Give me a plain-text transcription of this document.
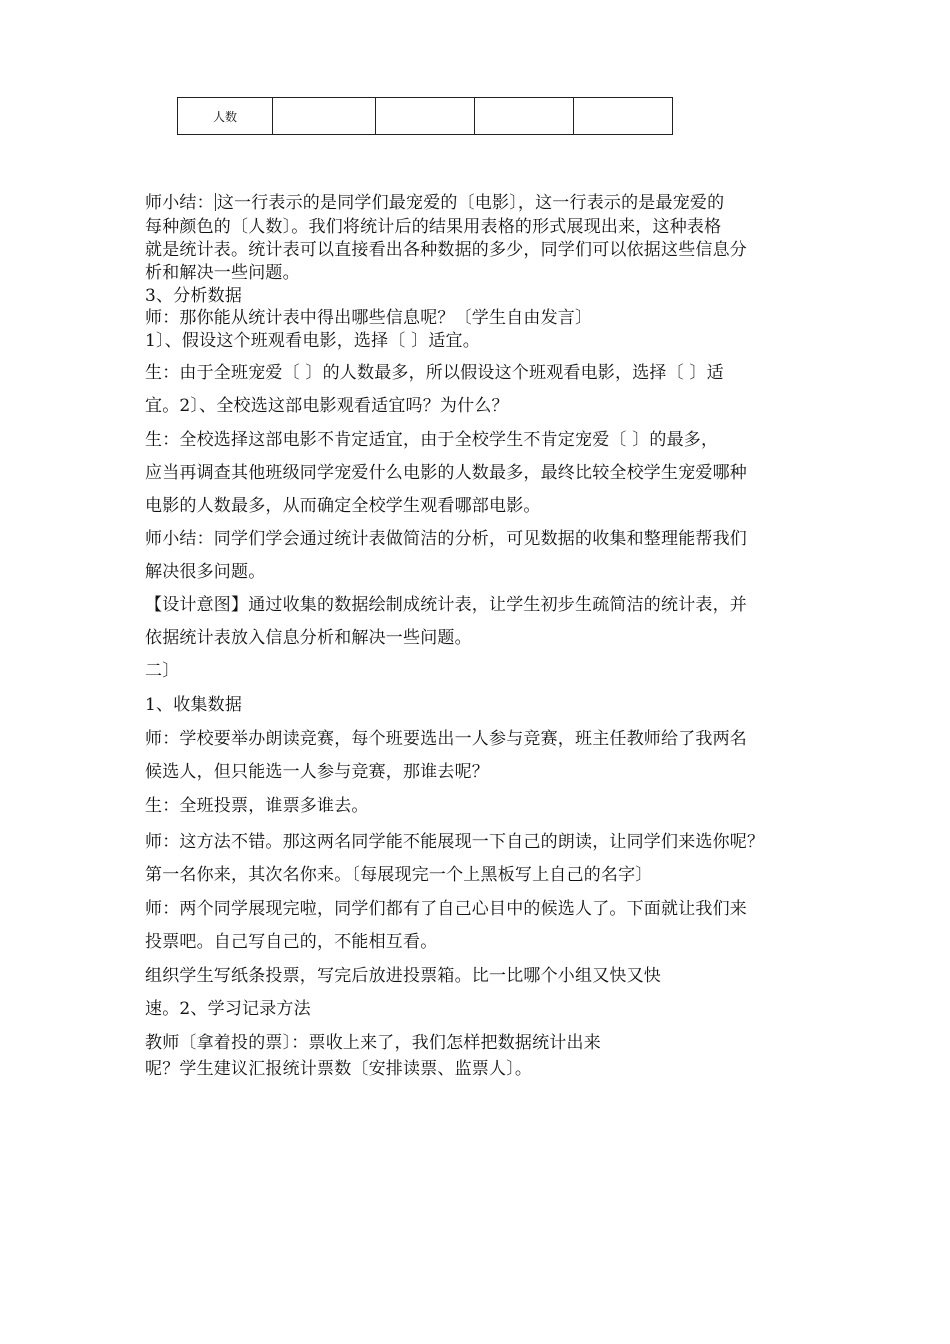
人数				
师小结： 这一行表示的是同学们最宠爱的〔电影〕，这一行表示的是最宠爱的
每种颜色的〔人数〕。我们将统计后的结果用表格的形式展现出来，这种表格
就是统计表。统计表可以直接看出各种数据的多少，同学们可以依据这些信息分
析和解决一些问题。
3、分析数据
师：那你能从统计表中得出哪些信息呢？〔学生自由发言〕
1〕、假设这个班观看电影，选择〔 〕适宜。
生：由于全班宠爱〔 〕的人数最多，所以假设这个班观看电影，选择〔 〕适
宜。2〕、全校选这部电影观看适宜吗？为什么？
生：全校选择这部电影不肯定适宜，由于全校学生不肯定宠爱〔 〕的最多，
应当再调查其他班级同学宠爱什么电影的人数最多，最终比较全校学生宠爱哪种
电影的人数最多，从而确定全校学生观看哪部电影。
师小结：同学们学会通过统计表做简洁的分析，可见数据的收集和整理能帮我们
解决很多问题。
【设计意图】通过收集的数据绘制成统计表，让学生初步生疏简洁的统计表，并
依据统计表放入信息分析和解决一些问题。
二〕
1、收集数据
师：学校要举办朗读竞赛，每个班要选出一人参与竞赛，班主任教师给了我两名
候选人，但只能选一人参与竞赛，那谁去呢？
生：全班投票，谁票多谁去。
师：这方法不错。那这两名同学能不能展现一下自己的朗读，让同学们来选你呢？
第一名你来，其次名你来。〔每展现完一个上黑板写上自己的名字〕
师：两个同学展现完啦，同学们都有了自己心目中的候选人了。下面就让我们来
投票吧。自己写自己的，不能相互看。
组织学生写纸条投票，写完后放进投票箱。比一比哪个小组又快又快
速。2、学习记录方法
教师〔拿着投的票〕：票收上来了，我们怎样把数据统计出来
呢？学生建议汇报统计票数〔安排读票、监票人〕。
